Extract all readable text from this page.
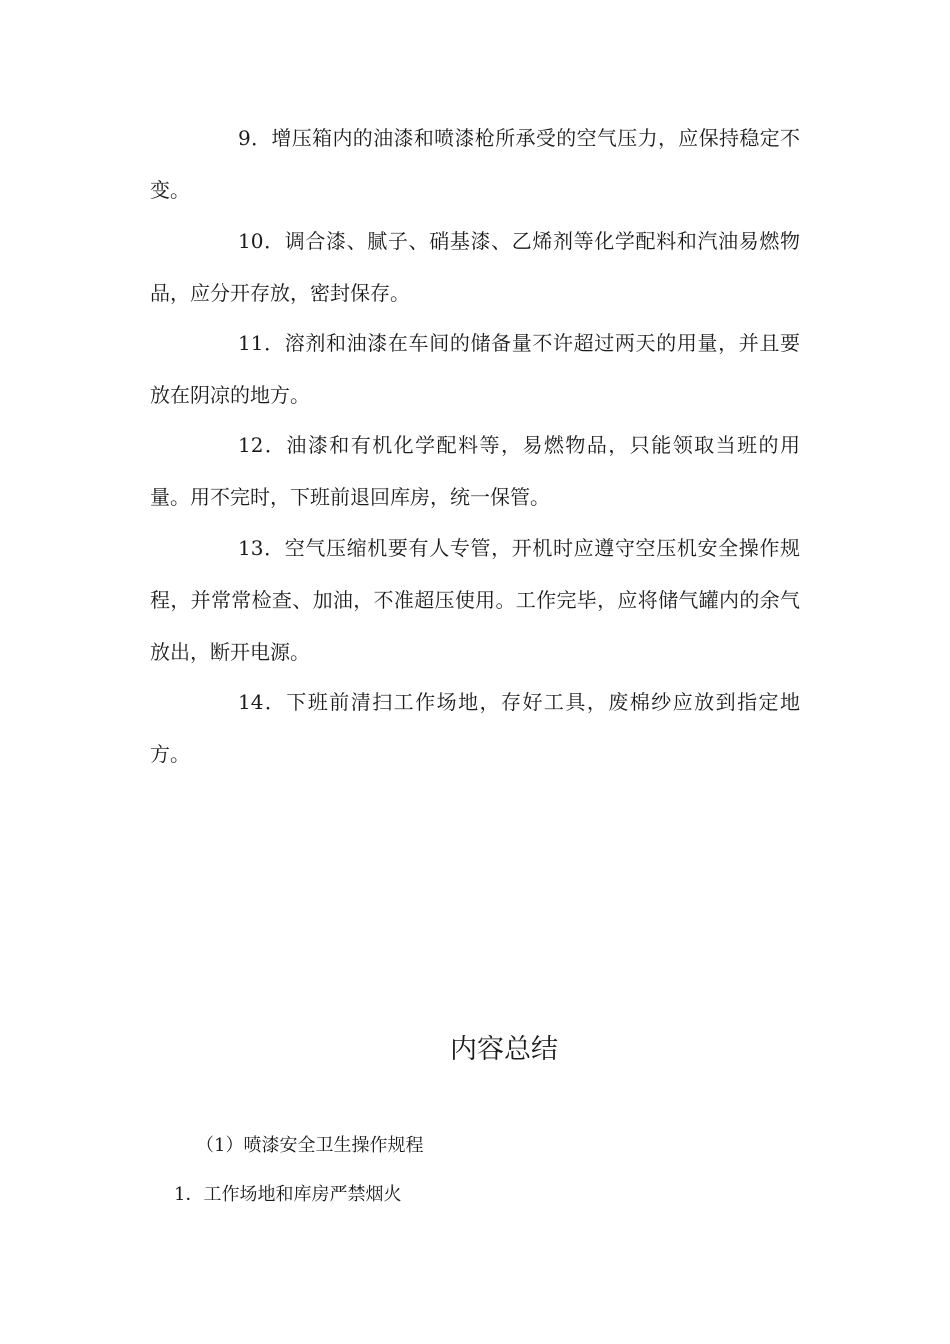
9．增压箱内的油漆和喷漆枪所承受的空气压力，应保持稳定不变。

10．调合漆、腻子、硝基漆、乙烯剂等化学配料和汽油易燃物品，应分开存放，密封保存。

11．溶剂和油漆在车间的储备量不许超过两天的用量，并且要放在阴凉的地方。

12．油漆和有机化学配料等，易燃物品，只能领取当班的用量。用不完时，下班前退回库房，统一保管。

13．空气压缩机要有人专管，开机时应遵守空压机安全操作规程，并常常检查、加油，不准超压使用。工作完毕，应将储气罐内的余气放出，断开电源。

14．下班前清扫工作场地，存好工具，废棉纱应放到指定地方。

内容总结

（1）喷漆安全卫生操作规程

1．工作场地和库房严禁烟火
